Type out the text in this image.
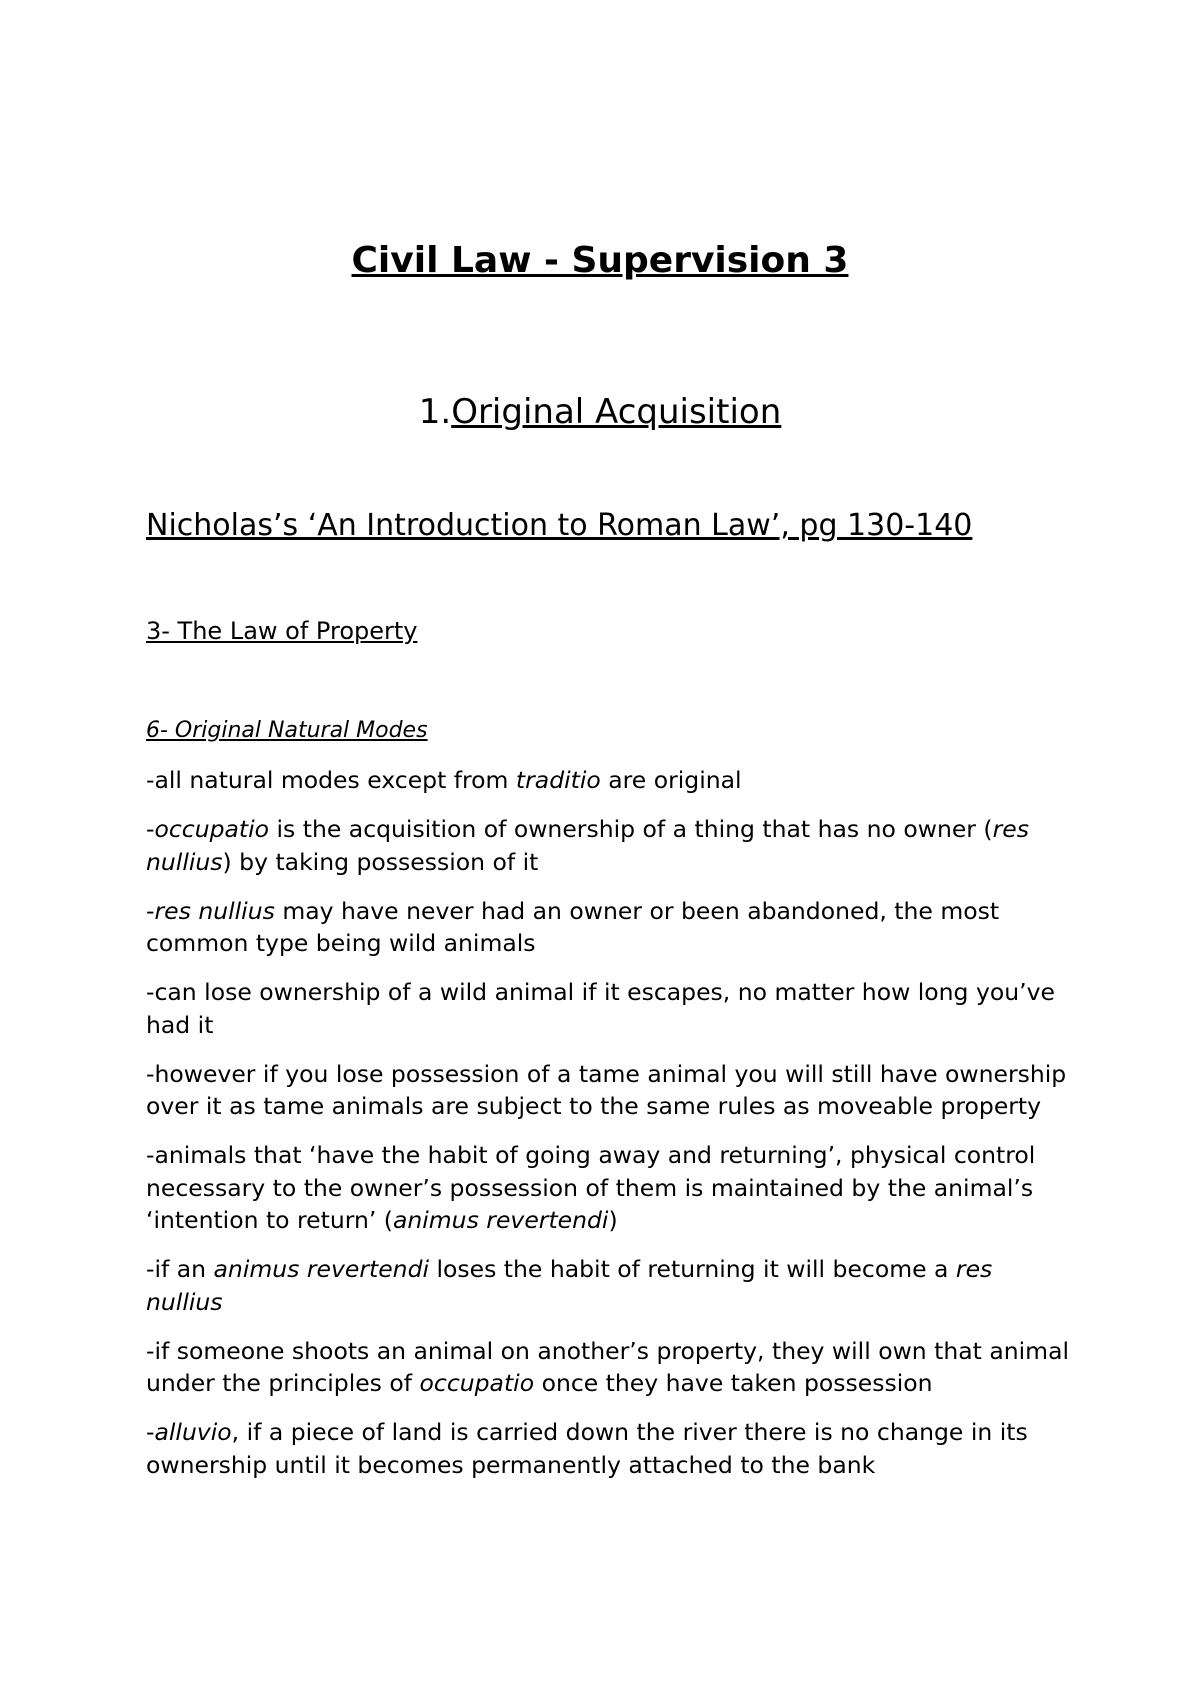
Civil Law - Supervision 3
1.Original Acquisition
Nicholas’s ‘An Introduction to Roman Law’, pg 130-140
3- The Law of Property
6- Original Natural Modes

-all natural modes except from traditio are original

-occupatio is the acquisition of ownership of a thing that has no owner (res nullius) by taking possession of it

-res nullius may have never had an owner or been abandoned, the most common type being wild animals

-can lose ownership of a wild animal if it escapes, no matter how long you’ve had it

-however if you lose possession of a tame animal you will still have ownership over it as tame animals are subject to the same rules as moveable property

-animals that ‘have the habit of going away and returning’, physical control necessary to the owner’s possession of them is maintained by the animal’s ‘intention to return’ (animus revertendi)

-if an animus revertendi loses the habit of returning it will become a res nullius

-if someone shoots an animal on another’s property, they will own that animal under the principles of occupatio once they have taken possession

-alluvio, if a piece of land is carried down the river there is no change in its ownership until it becomes permanently attached to the bank
